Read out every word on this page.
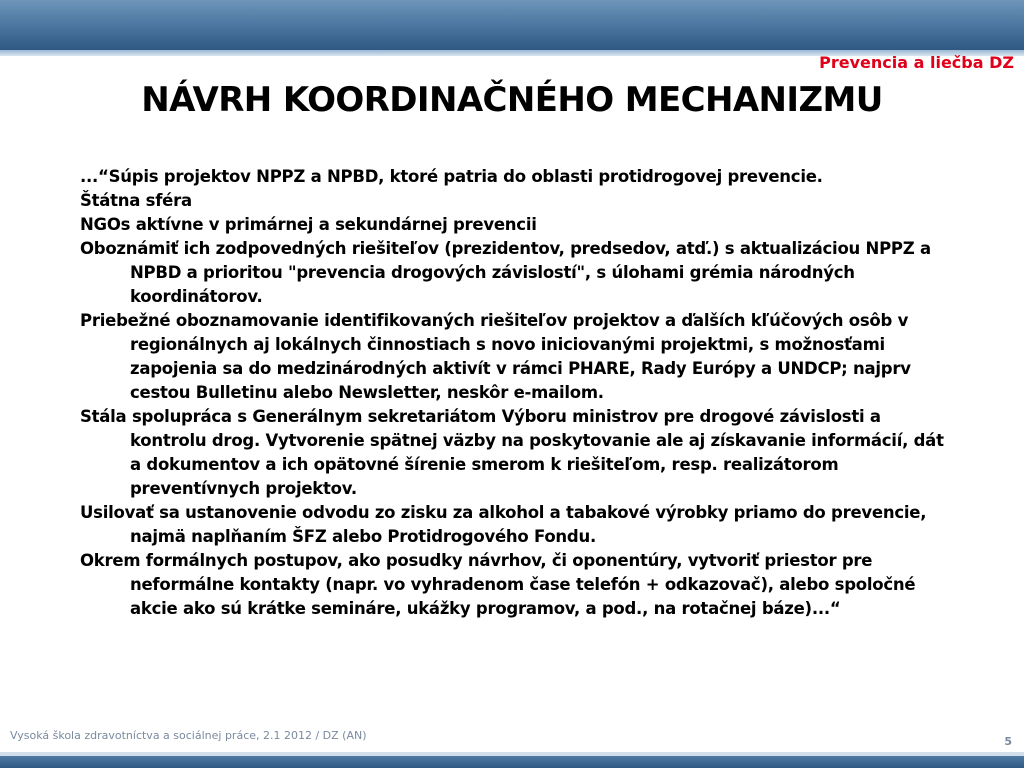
Prevencia a liečba DZ
NÁVRH KOORDINAČNÉHO MECHANIZMU
...“Súpis projektov NPPZ a NPBD, ktoré patria do oblasti protidrogovej prevencie.
Štátna sféra
NGOs aktívne v primárnej a sekundárnej prevencii
Oboznámiť ich zodpovedných riešiteľov (prezidentov, predsedov, atď.) s aktualizáciou NPPZ a NPBD a prioritou "prevencia drogových závislostí", s úlohami grémia národných koordinátorov.
Priebežné oboznamovanie identifikovaných riešiteľov projektov a ďalších kľúčových osôb v regionálnych aj lokálnych činnostiach s novo iniciovanými projektmi, s možnosťami zapojenia sa do medzinárodných aktivít v rámci PHARE, Rady Európy a UNDCP; najprv cestou Bulletinu alebo Newsletter, neskôr e-mailom.
Stála spolupráca s Generálnym sekretariátom Výboru ministrov pre drogové závislosti a kontrolu drog. Vytvorenie spätnej väzby na poskytovanie ale aj získavanie informácií, dát a dokumentov a ich opätovné šírenie smerom k riešiteľom, resp. realizátorom preventívnych projektov.
Usilovať sa ustanovenie odvodu zo zisku za alkohol a tabakové výrobky priamo do prevencie, najmä naplňaním ŠFZ alebo Protidrogového Fondu.
Okrem formálnych postupov, ako posudky návrhov, či oponentúry, vytvoriť priestor pre neformálne kontakty (napr. vo vyhradenom čase telefón + odkazovač), alebo spoločné akcie ako sú krátke semináre, ukážky programov, a pod., na rotačnej báze)...“
Vysoká škola zdravotníctva a sociálnej práce, 2.1 2012 / DZ (AN)	5
